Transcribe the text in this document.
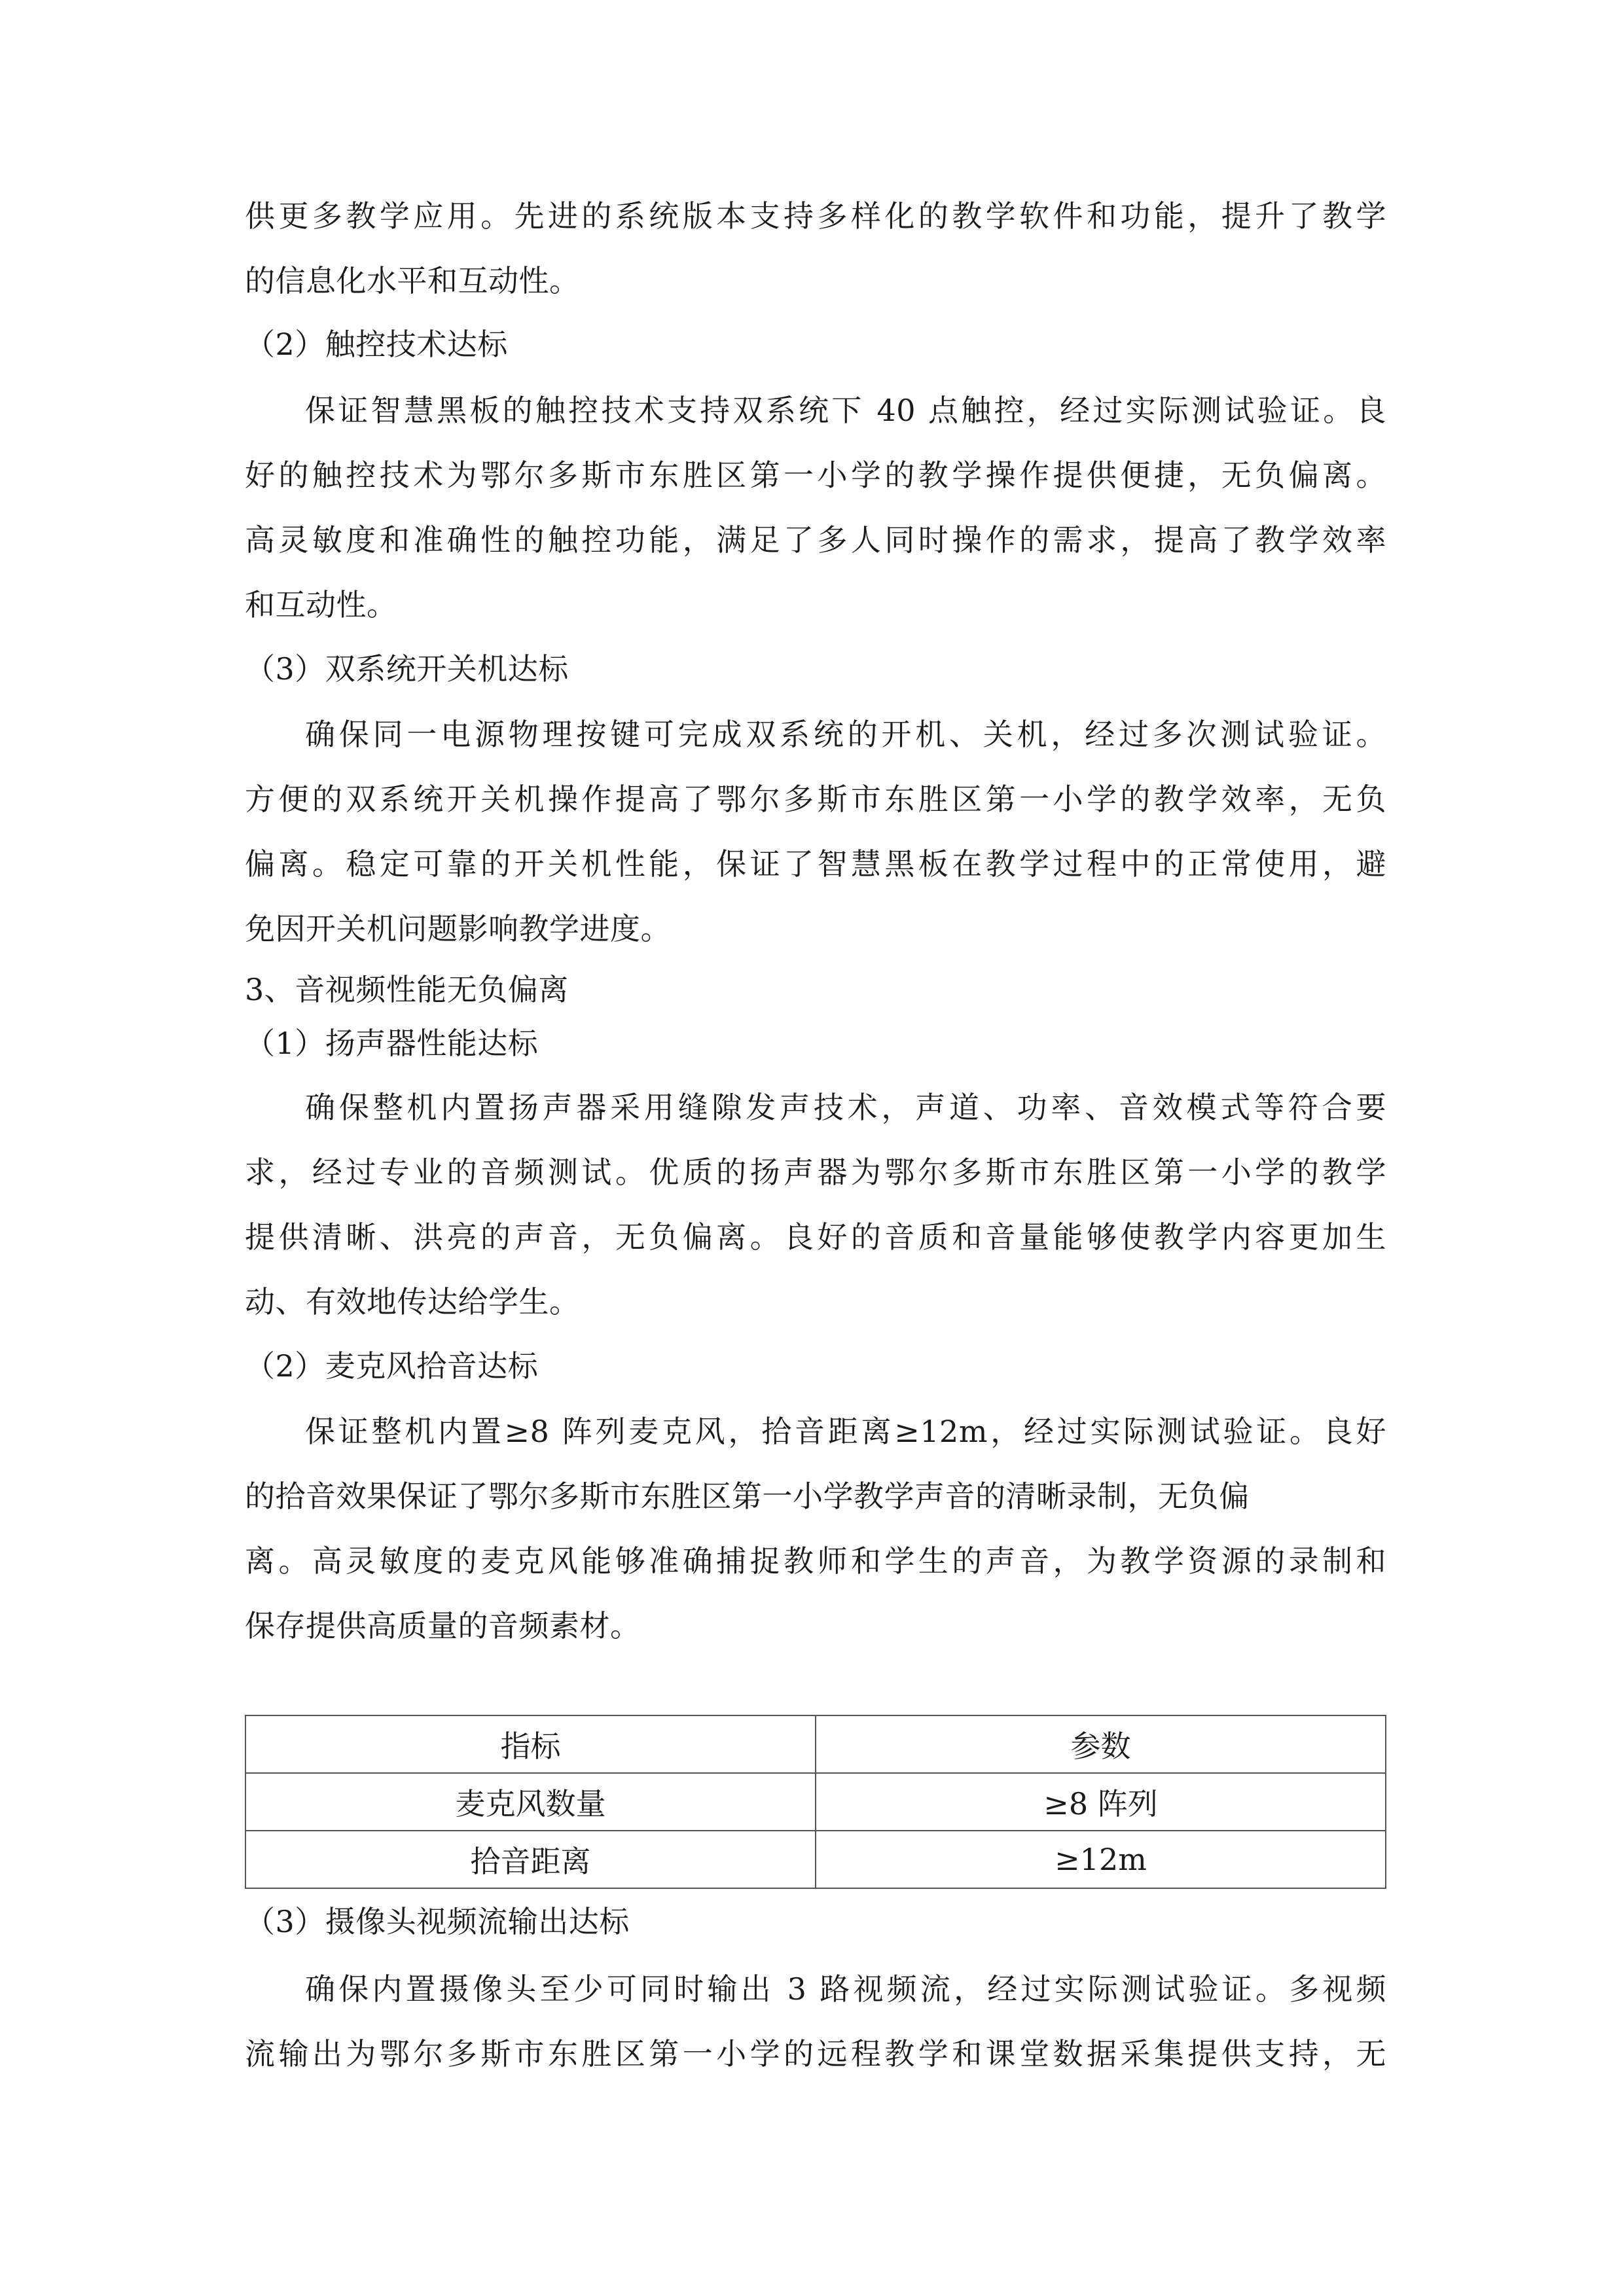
供更多教学应用。先进的系统版本支持多样化的教学软件和功能，提升了教学
的信息化水平和互动性。
（2）触控技术达标
保证智慧黑板的触控技术支持双系统下 40 点触控，经过实际测试验证。良
好的触控技术为鄂尔多斯市东胜区第一小学的教学操作提供便捷，无负偏离。
高灵敏度和准确性的触控功能，满足了多人同时操作的需求，提高了教学效率
和互动性。
（3）双系统开关机达标
确保同一电源物理按键可完成双系统的开机、关机，经过多次测试验证。
方便的双系统开关机操作提高了鄂尔多斯市东胜区第一小学的教学效率，无负
偏离。稳定可靠的开关机性能，保证了智慧黑板在教学过程中的正常使用，避
免因开关机问题影响教学进度。
3、音视频性能无负偏离
（1）扬声器性能达标
确保整机内置扬声器采用缝隙发声技术，声道、功率、音效模式等符合要
求，经过专业的音频测试。优质的扬声器为鄂尔多斯市东胜区第一小学的教学
提供清晰、洪亮的声音，无负偏离。良好的音质和音量能够使教学内容更加生
动、有效地传达给学生。
（2）麦克风拾音达标
保证整机内置≥8 阵列麦克风，拾音距离≥12m，经过实际测试验证。良好
的拾音效果保证了鄂尔多斯市东胜区第一小学教学声音的清晰录制，无负偏
离。高灵敏度的麦克风能够准确捕捉教师和学生的声音，为教学资源的录制和
保存提供高质量的音频素材。
指标	参数
麦克风数量	≥8 阵列
拾音距离	≥12m
（3）摄像头视频流输出达标
确保内置摄像头至少可同时输出 3 路视频流，经过实际测试验证。多视频
流输出为鄂尔多斯市东胜区第一小学的远程教学和课堂数据采集提供支持，无
